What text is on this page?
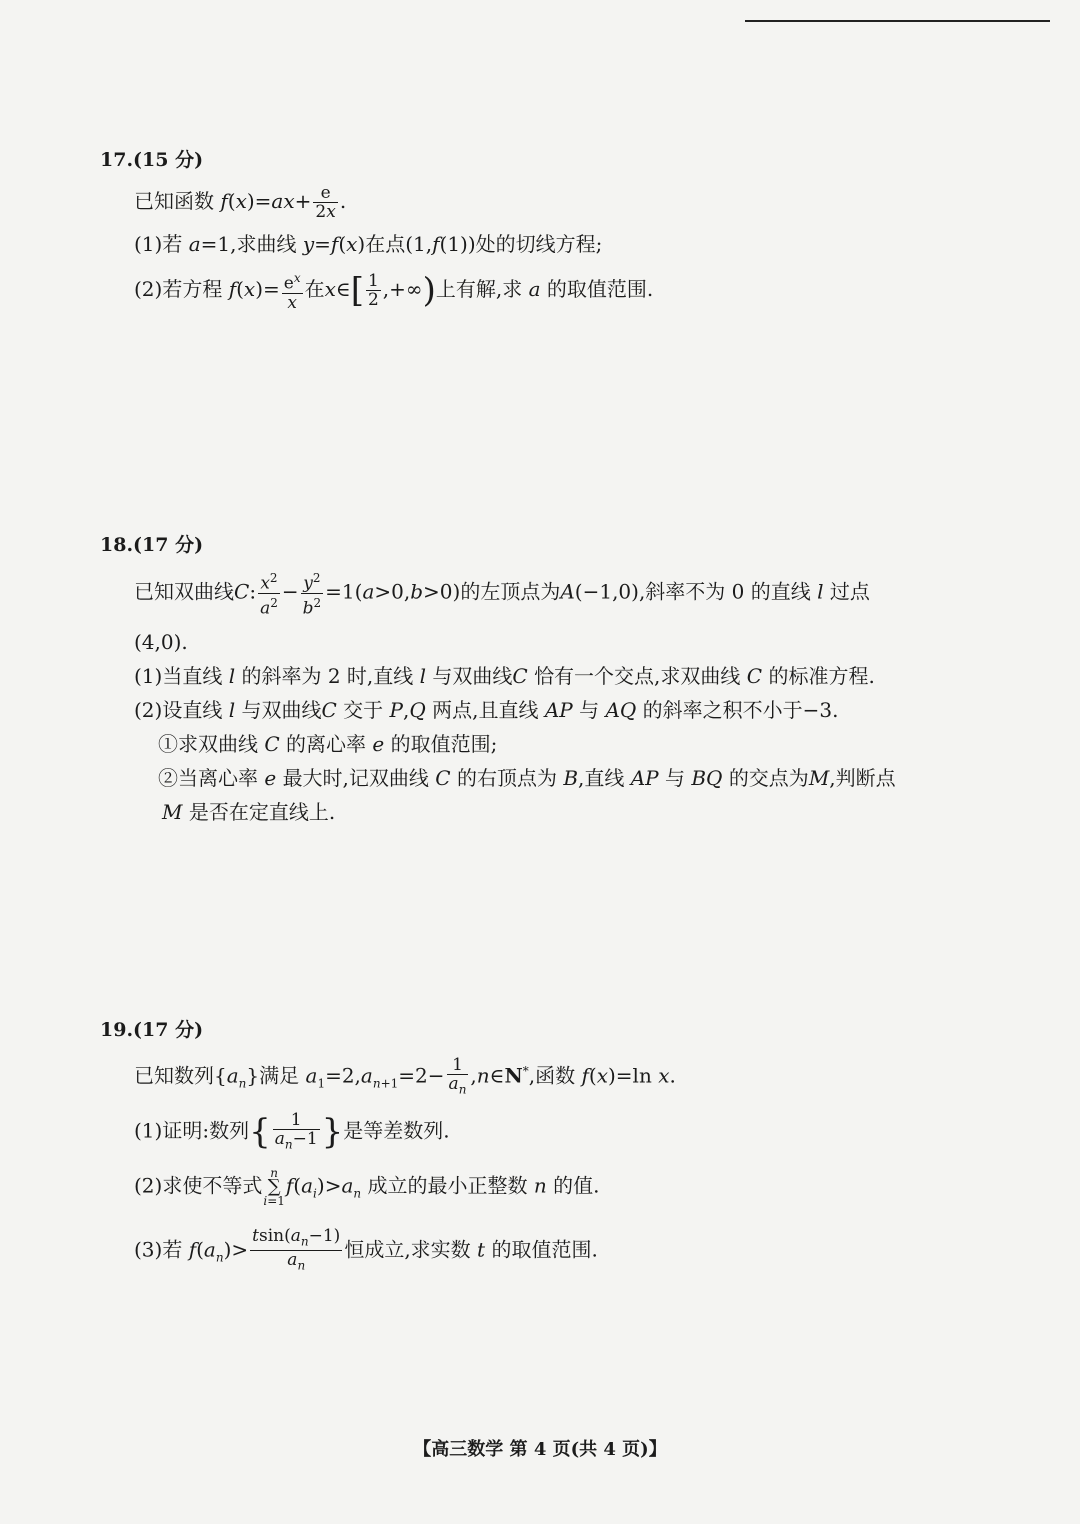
17.(15 分)
已知函数 $f(x)=ax+ \frac{e}{2x}$ .
(1)若 a=1,求曲线 y=f(x)在点(1,f(1))处的切线方程;
(2)若方程 $f(x)= \frac{e^x}{x}$ 在x∈[ $\frac{1}{2}$ ,+∞)上有解,求 a 的取值范围.
18.(17 分)
已知双曲线C: $\frac{x^2}{a^2} - \frac{y^2}{b^2} =1(a>0,b>0)$的左顶点为A(−1,0),斜率不为 0 的直线 l 过点
(4,0).
(1)当直线 l 的斜率为 2 时,直线 l 与双曲线C 恰有一个交点,求双曲线 C 的标准方程.
(2)设直线 l 与双曲线C 交于 P,Q 两点,且直线 AP 与 AQ 的斜率之积不小于−3.
①求双曲线 C 的离心率 e 的取值范围;
②当离心率 e 最大时,记双曲线 C 的右顶点为 B,直线 AP 与 BQ 的交点为M,判断点
M 是否在定直线上.
19.(17 分)
已知数列$\{a_n\}$满足 $a_1=2,a_{n+1}=2- \frac{1}{a_n}$ ,n∈N*,函数 f(x)=ln x.
(1)证明:数列{ $\frac{1}{a_n-1}$ }是等差数列.
(2)求使不等式n
∑
$i=1f(a_i)>a_n$ 成立的最小正整数 n 的值.
(3)若 $f(a_n)> \frac{tsin(a_n-1)}{a_n}$ 恒成立,求实数 t 的取值范围.
【高三数学 第 4 页(共 4 页)】
